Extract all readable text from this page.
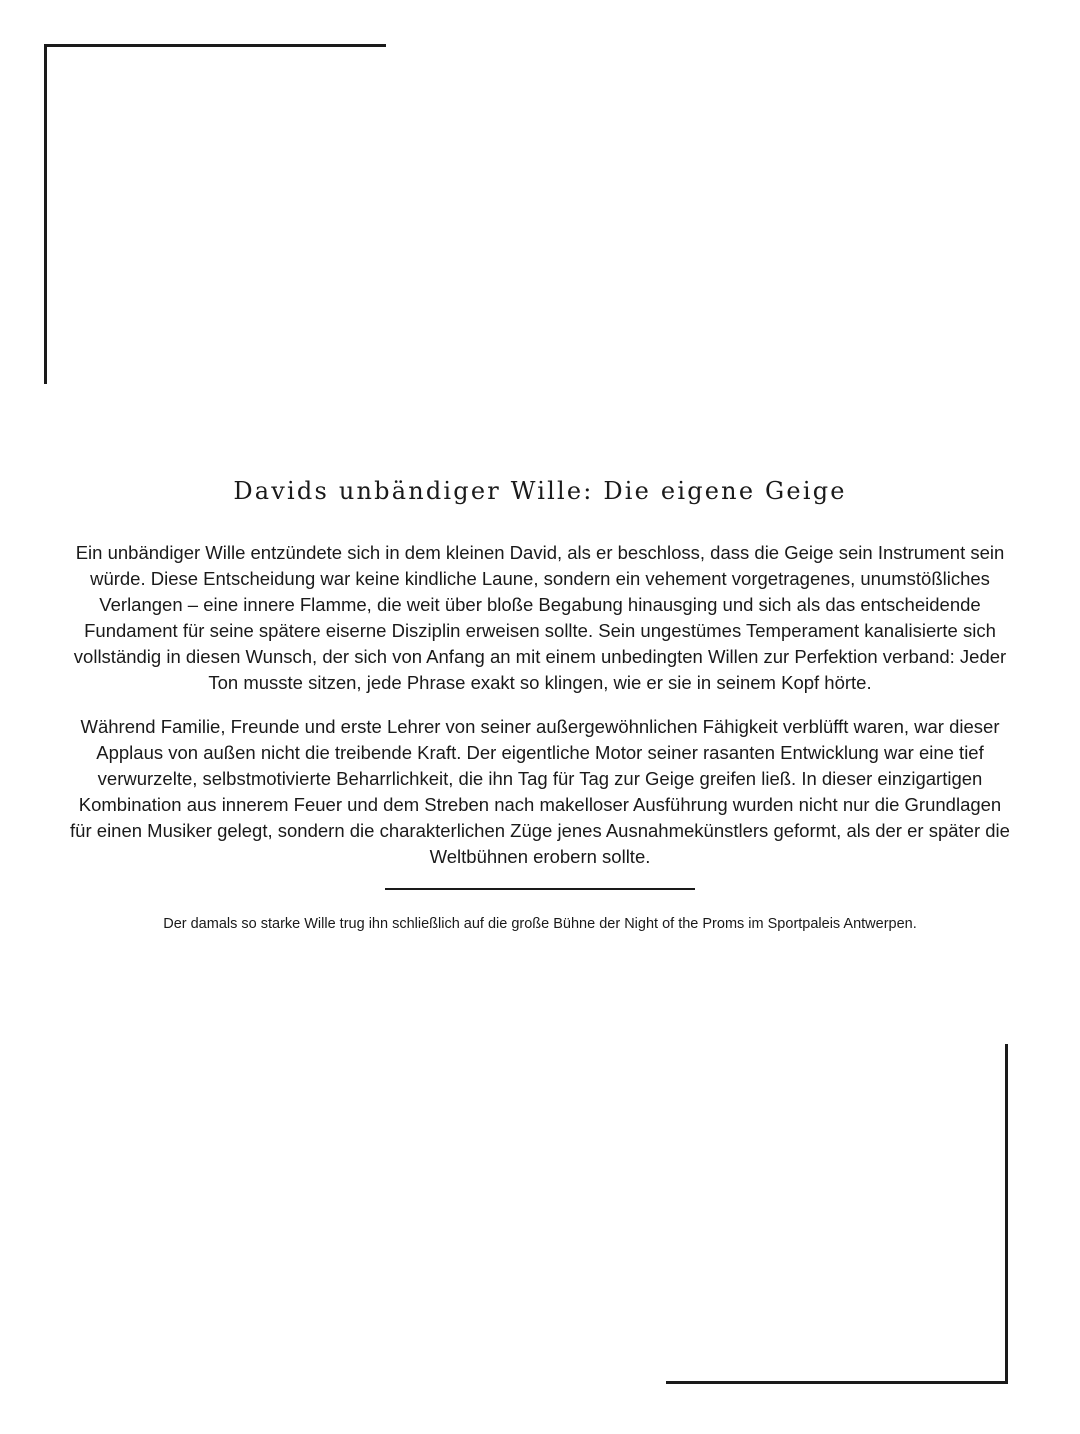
Davids unbändiger Wille: Die eigene Geige

Ein unbändiger Wille entzündete sich in dem kleinen David, als er beschloss, dass die Geige sein Instrument sein würde. Diese Entscheidung war keine kindliche Laune, sondern ein vehement vorgetragenes, unumstößliches Verlangen – eine innere Flamme, die weit über bloße Begabung hinausging und sich als das entscheidende Fundament für seine spätere eiserne Disziplin erweisen sollte. Sein ungestümes Temperament kanalisierte sich vollständig in diesen Wunsch, der sich von Anfang an mit einem unbedingten Willen zur Perfektion verband: Jeder Ton musste sitzen, jede Phrase exakt so klingen, wie er sie in seinem Kopf hörte.

Während Familie, Freunde und erste Lehrer von seiner außergewöhnlichen Fähigkeit verblüfft waren, war dieser Applaus von außen nicht die treibende Kraft. Der eigentliche Motor seiner rasanten Entwicklung war eine tief verwurzelte, selbstmotivierte Beharrlichkeit, die ihn Tag für Tag zur Geige greifen ließ. In dieser einzigartigen Kombination aus innerem Feuer und dem Streben nach makelloser Ausführung wurden nicht nur die Grundlagen für einen Musiker gelegt, sondern die charakterlichen Züge jenes Ausnahmekünstlers geformt, als der er später die Weltbühnen erobern sollte.

Der damals so starke Wille trug ihn schließlich auf die große Bühne der Night of the Proms im Sportpaleis Antwerpen.
